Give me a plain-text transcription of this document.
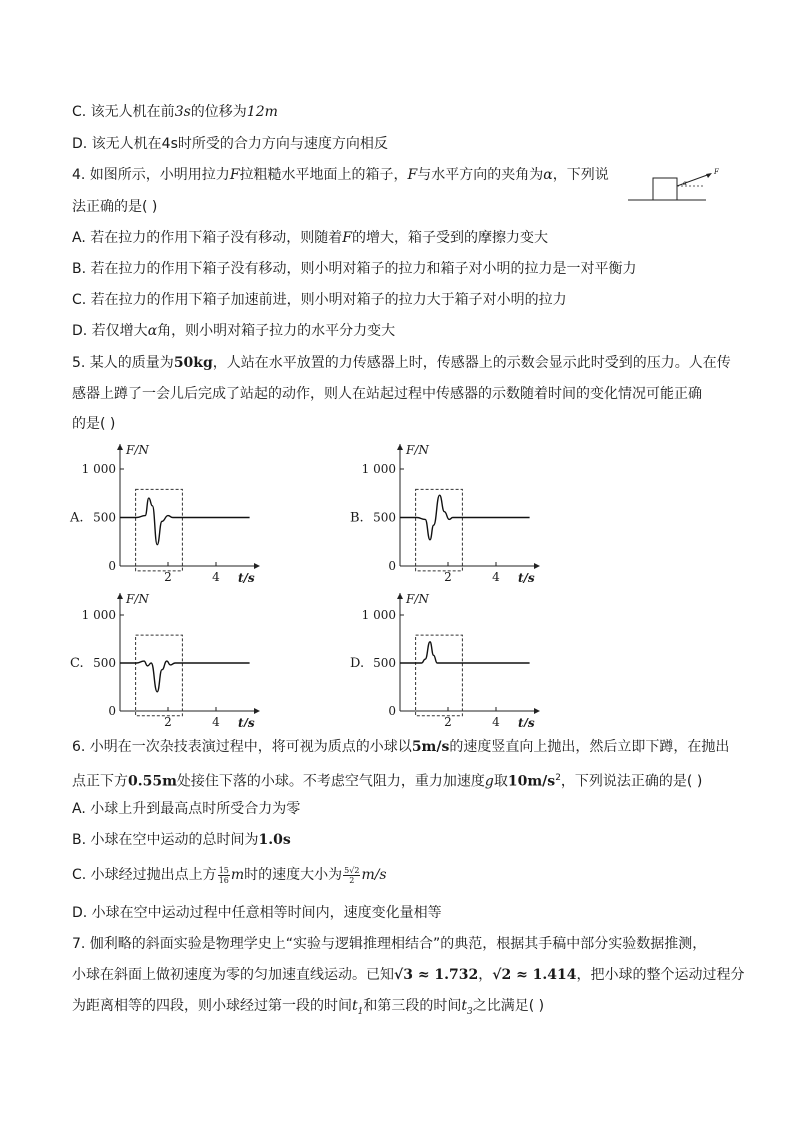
C. 该无人机在前3s的位移为12m
D. 该无人机在4s时所受的合力方向与速度方向相反
4. 如图所示，小明用拉力F拉粗糙水平地面上的箱子，F与水平方向的夹角为α，下列说
法正确的是( )
F
α
A. 若在拉力的作用下箱子没有移动，则随着F的增大，箱子受到的摩擦力变大
B. 若在拉力的作用下箱子没有移动，则小明对箱子的拉力和箱子对小明的拉力是一对平衡力
C. 若在拉力的作用下箱子加速前进，则小明对箱子的拉力大于箱子对小明的拉力
D. 若仅增大α角，则小明对箱子拉力的水平分力变大
5. 某人的质量为50kg，人站在水平放置的力传感器上时，传感器上的示数会显示此时受到的压力。人在传
感器上蹲了一会儿后完成了站起的动作，则人在站起过程中传感器的示数随着时间的变化情况可能正确
的是( )
A.
F/N
t/s
0
500
1 000
2	4
B.
F/N
t/s
0
500
1 000
2	4
C.
F/N
t/s
0
500
1 000
2	4
D.
F/N
t/s
0
500
1 000
2	4
6. 小明在一次杂技表演过程中，将可视为质点的小球以5m/s的速度竖直向上抛出，然后立即下蹲，在抛出
点正下方0.55m处接住下落的小球。不考虑空气阻力，重力加速度g取$10m/s^2$，下列说法正确的是( )
A. 小球上升到最高点时所受合力为零
B. 小球在空中运动的总时间为1.0s
C. 小球经过抛出点上方 $\frac{15}{16}$ m时的速度大小为 $\frac{5√2}{2} m/s$
D. 小球在空中运动过程中任意相等时间内，速度变化量相等
7. 伽利略的斜面实验是物理学史上“实验与逻辑推理相结合”的典范，根据其手稿中部分实验数据推测，
小球在斜面上做初速度为零的匀加速直线运动。已知√3 ≈ 1.732，√2 ≈ 1.414，把小球的整个运动过程分
为距离相等的四段，则小球经过第一段的时间$t_1$和第三段的时间$t_3$之比满足( )
